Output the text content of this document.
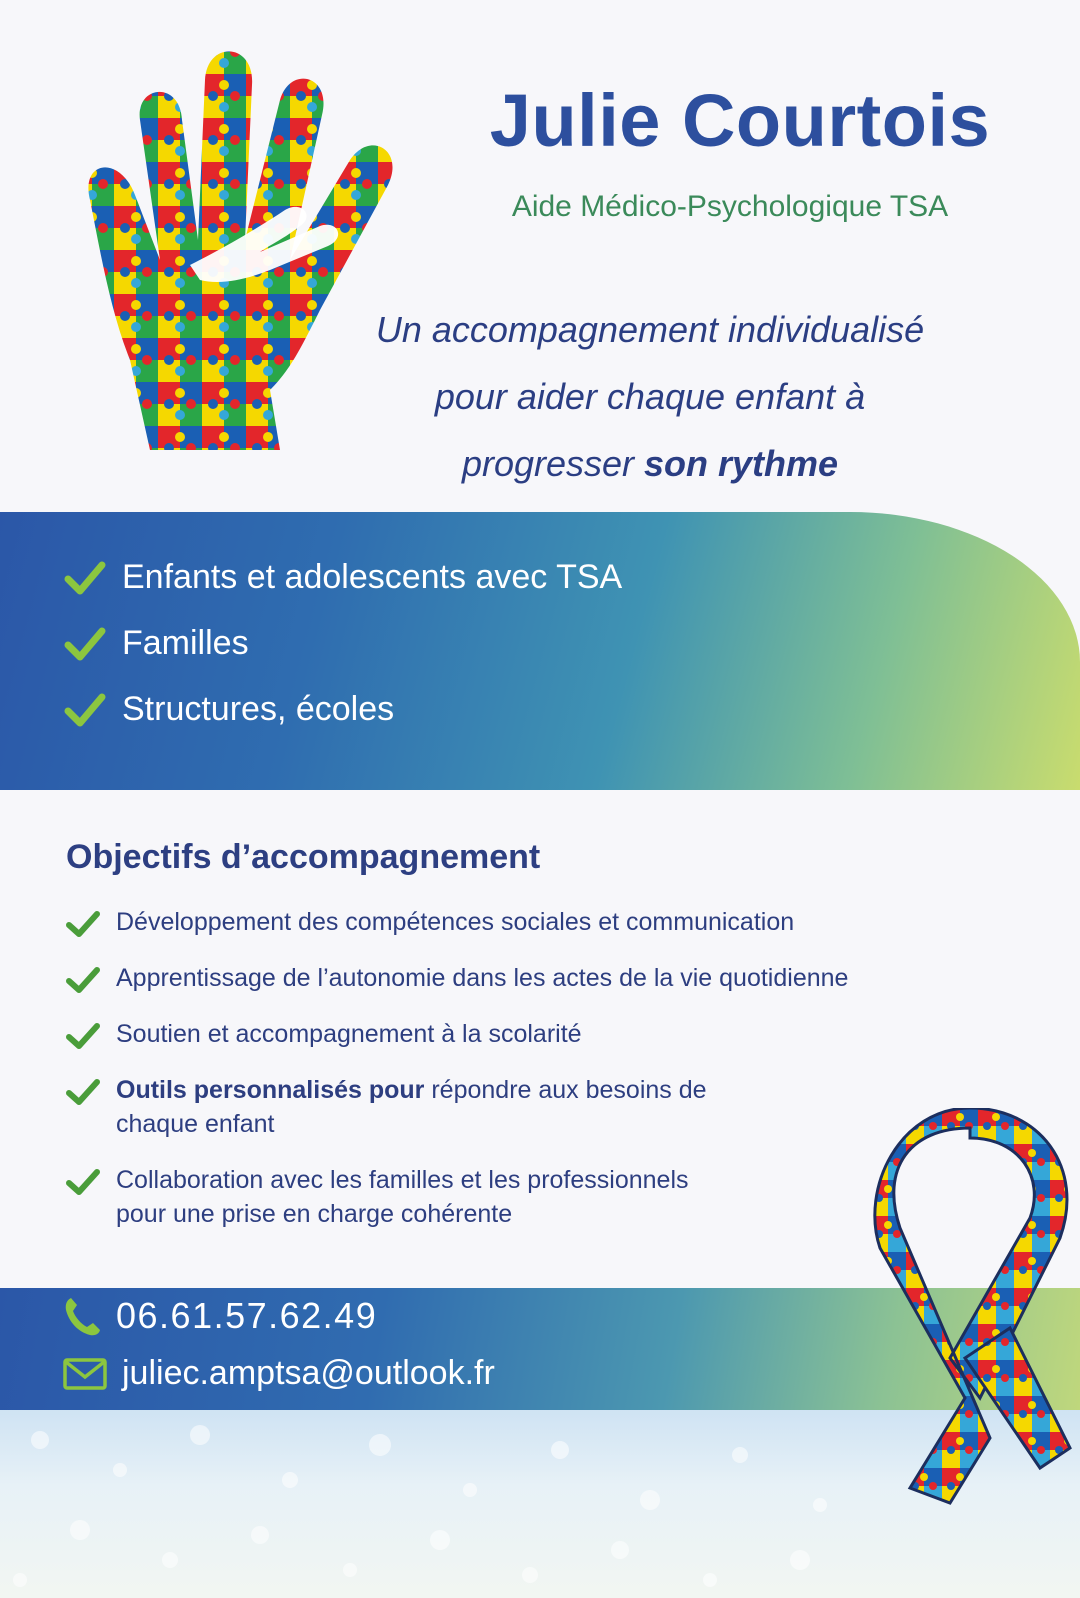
Julie Courtois
Aide Médico-Psychologique TSA
Un accompagnement individualisé
pour aider chaque enfant à
progresser son rythme
Enfants et adolescents avec TSA
Familles
Structures, écoles
Objectifs d’accompagnement
Développement des compétences sociales et communication
Apprentissage de l’autonomie dans les actes de la vie quotidienne
Soutien et accompagnement à la scolarité
Outils personnalisés pour répondre aux besoins de
chaque enfant
Collaboration avec les familles et les professionnels
pour une prise en charge cohérente
06.61.57.62.49
juliec.amptsa@outlook.fr
